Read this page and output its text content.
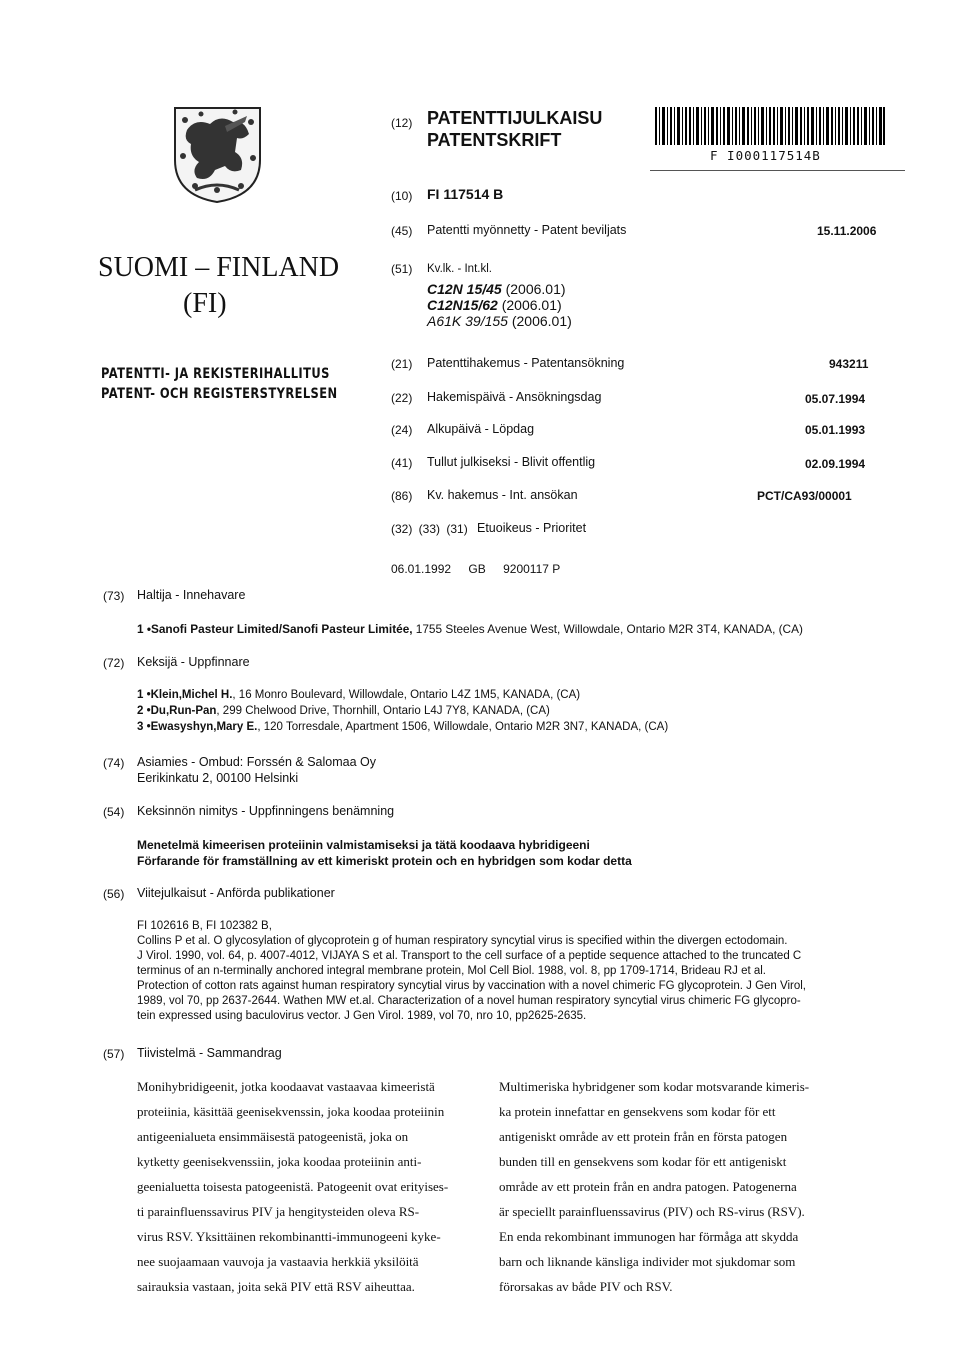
SUOMI – FINLAND
(FI)
PATENTTI- JA REKISTERIHALLITUS
PATENT- OCH REGISTERSTYRELSEN
(12) PATENTTIJULKAISU
PATENTSKRIFT
F I000117514B
(10) FI 117514 B
(45) Patentti myönnetty - Patent beviljats	15.11.2006
(51) Kv.lk. - Int.kl.
C12N 15/45 (2006.01)
C12N15/62 (2006.01)
A61K 39/155 (2006.01)
(21) Patenttihakemus - Patentansökning	943211
(22) Hakemispäivä - Ansökningsdag	05.07.1994
(24) Alkupäivä - Löpdag	05.01.1993
(41) Tullut julkiseksi - Blivit offentlig	02.09.1994
(86) Kv. hakemus - Int. ansökan	PCT/CA93/00001
(32) (33) (31) Etuoikeus - Prioritet
06.01.1992 GB 9200117 P
(73) Haltija - Innehavare
1 •Sanofi Pasteur Limited/Sanofi Pasteur Limitée, 1755 Steeles Avenue West, Willowdale, Ontario M2R 3T4, KANADA, (CA)
(72) Keksijä - Uppfinnare
1 •Klein,Michel H., 16 Monro Boulevard, Willowdale, Ontario L4Z 1M5, KANADA, (CA)
2 •Du,Run-Pan, 299 Chelwood Drive, Thornhill, Ontario L4J 7Y8, KANADA, (CA)
3 •Ewasyshyn,Mary E., 120 Torresdale, Apartment 1506, Willowdale, Ontario M2R 3N7, KANADA, (CA)
(74) Asiamies - Ombud: Forssén & Salomaa Oy
Eerikinkatu 2, 00100 Helsinki
(54) Keksinnön nimitys - Uppfinningens benämning
Menetelmä kimeerisen proteiinin valmistamiseksi ja tätä koodaava hybridigeeni
Förfarande för framställning av ett kimeriskt protein och en hybridgen som kodar detta
(56) Viitejulkaisut - Anförda publikationer
FI 102616 B, FI 102382 B,
Collins P et al. O glycosylation of glycoprotein g of human respiratory syncytial virus is specified within the divergen ectodomain.
J Virol. 1990, vol. 64, p. 4007-4012, VIJAYA S et al. Transport to the cell surface of a peptide sequence attached to the truncated C
terminus of an n-terminally anchored integral membrane protein, Mol Cell Biol. 1988, vol. 8, pp 1709-1714, Brideau RJ et al.
Protection of cotton rats against human respiratory syncytial virus by vaccination with a novel chimeric FG glycoprotein. J Gen Virol,
1989, vol 70, pp 2637-2644. Wathen MW et.al. Characterization of a novel human respiratory syncytial virus chimeric FG glycopro-
tein expressed using baculovirus vector. J Gen Virol. 1989, vol 70, nro 10, pp2625-2635.
(57) Tiivistelmä - Sammandrag
Monihybridigeenit, jotka koodaavat vastaavaa kimeeristä
proteiinia, käsittää geenisekvenssin, joka koodaa proteiinin
antigeenialueta ensimmäisestä patogeenistä, joka on
kytketty geenisekvenssiin, joka koodaa proteiinin anti-
geenialuetta toisesta patogeenistä. Patogeenit ovat erityises-
ti parainfluenssavirus PIV ja hengitysteiden oleva RS-
virus RSV. Yksittäinen rekombinantti-immunogeeni kyke-
nee suojaamaan vauvoja ja vastaavia herkkiä yksilöitä
sairauksia vastaan, joita sekä PIV että RSV aiheuttaa.
Multimeriska hybridgener som kodar motsvarande kimeris-
ka protein innefattar en gensekvens som kodar för ett
antigeniskt område av ett protein från en första patogen
bunden till en gensekvens som kodar för ett antigeniskt
område av ett protein från en andra patogen. Patogenerna
är speciellt parainfluenssavirus (PIV) och RS-virus (RSV).
En enda rekombinant immunogen har förmåga att skydda
barn och liknande känsliga individer mot sjukdomar som
förorsakas av både PIV och RSV.
